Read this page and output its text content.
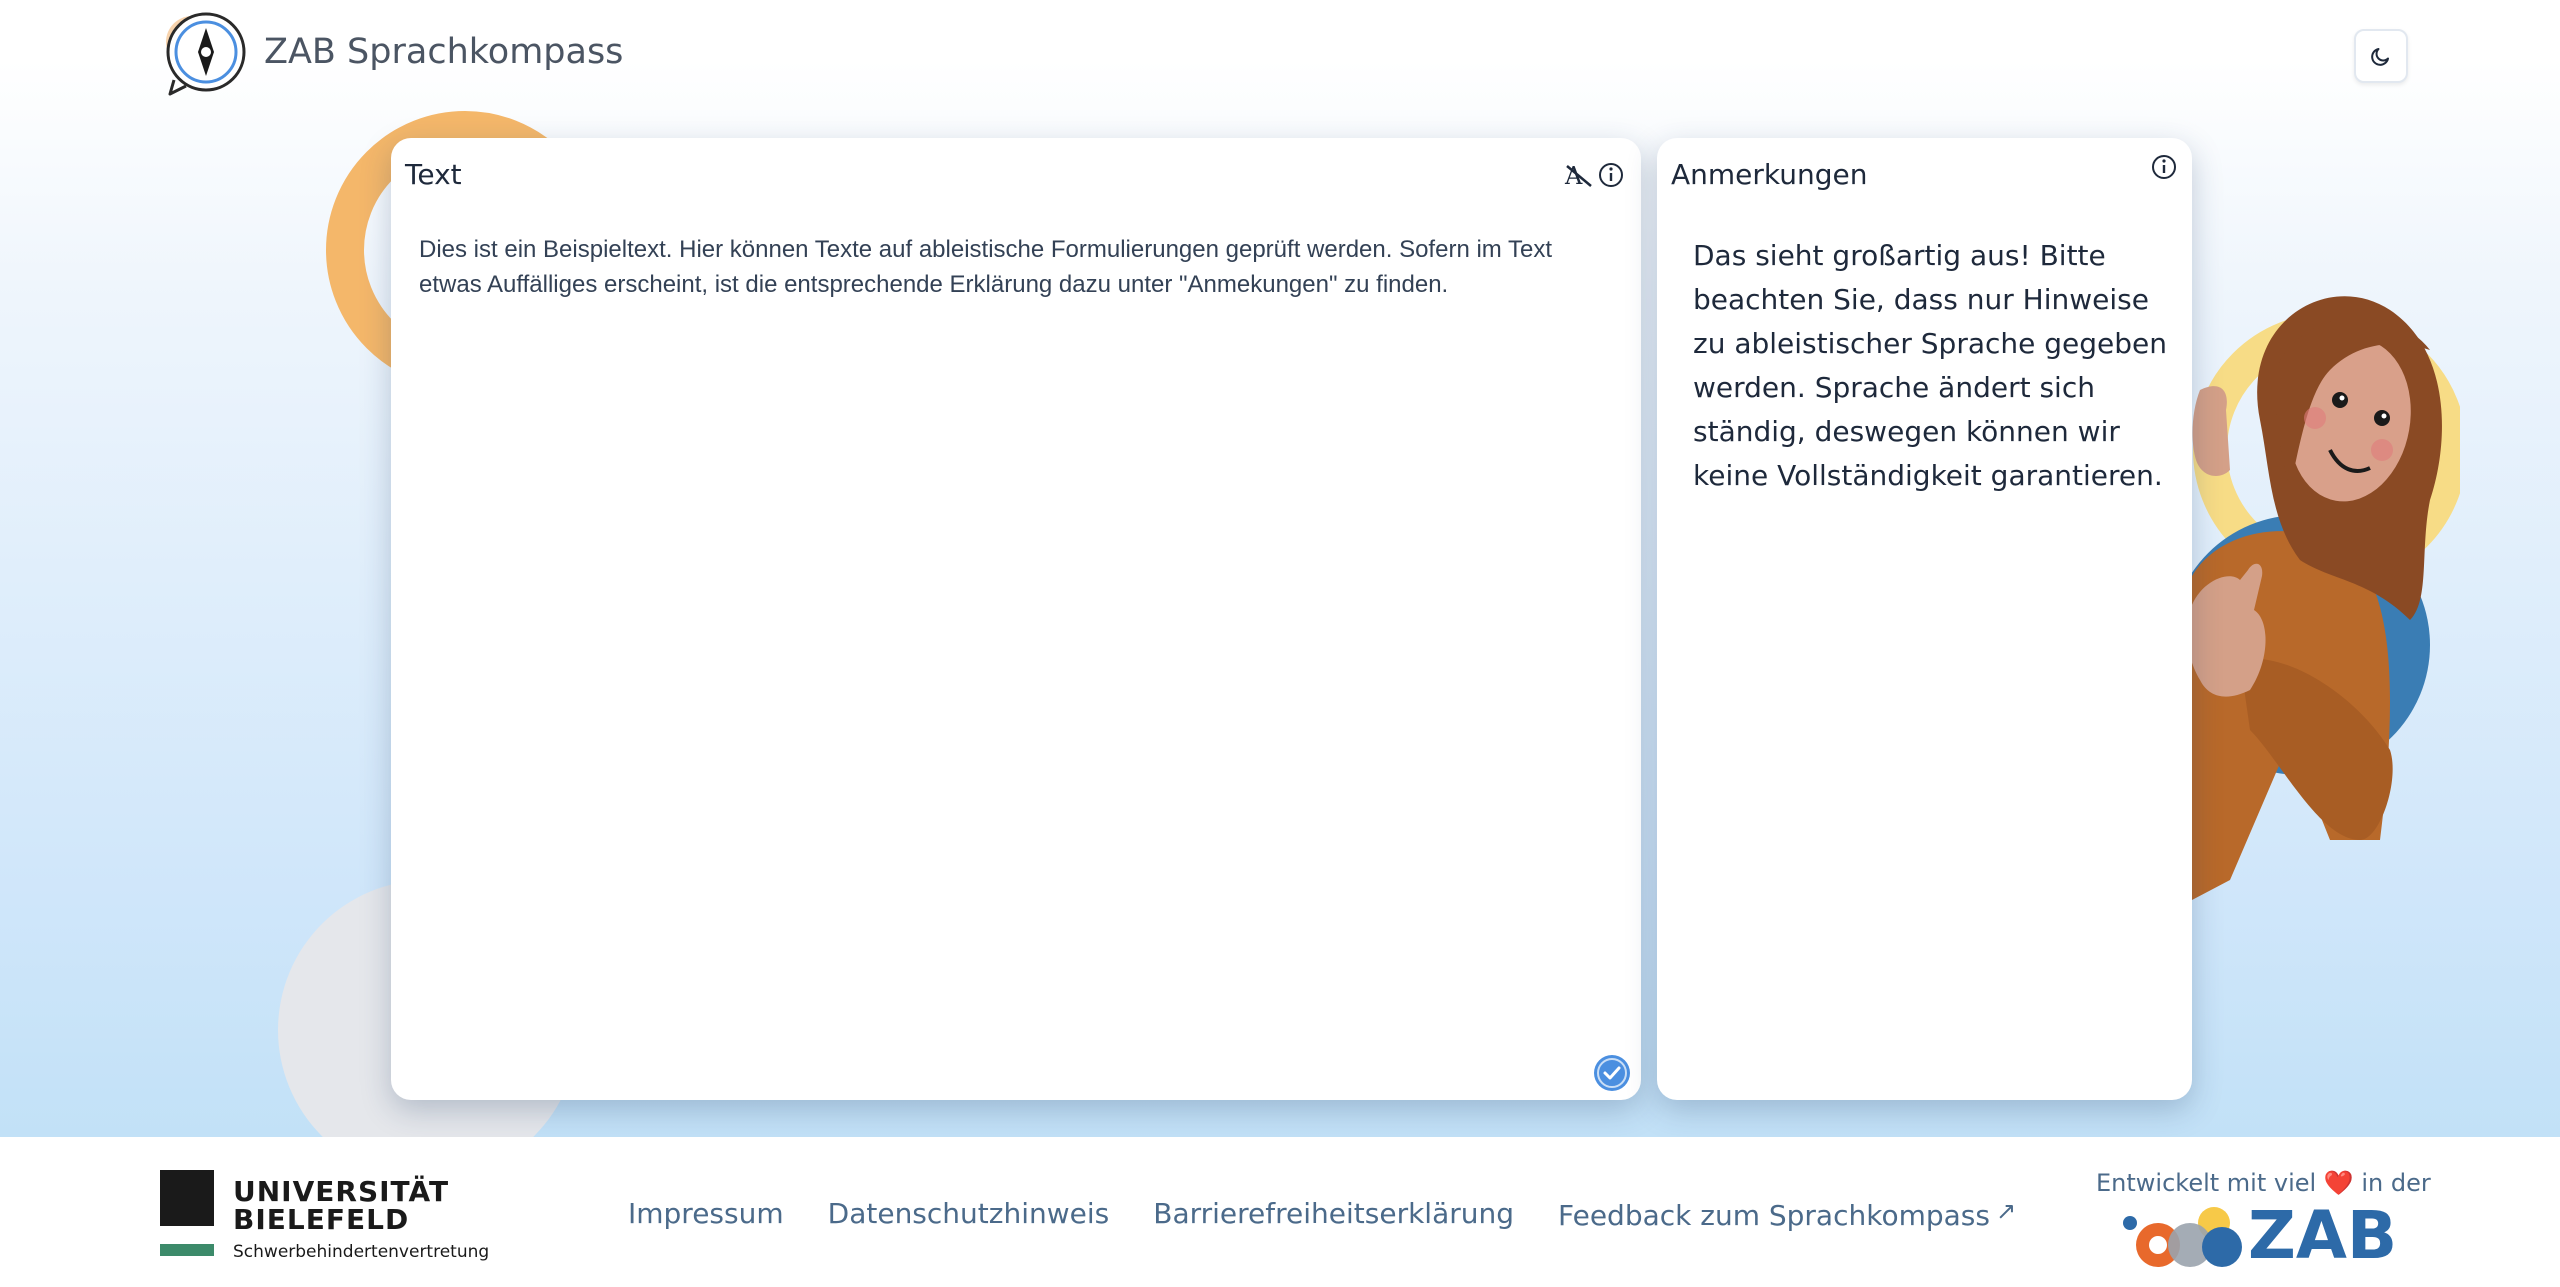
ZAB Sprachkompass
Text	A
Dies ist ein Beispieltext. Hier können Texte auf ableistische Formulierungen geprüft werden. Sofern im Text etwas Auffälliges erscheint, ist die entsprechende Erklärung dazu unter "Anmekungen" zu finden.
Anmerkungen
Das sieht großartig aus! Bitte beachten Sie, dass nur Hinweise zu ableistischer Sprache gegeben werden. Sprache ändert sich ständig, deswegen können wir keine Vollständigkeit garantieren.
UNIVERSITÄT
BIELEFELD
Schwerbehindertenvertretung
Impressum Datenschutzhinweis Barrierefreiheitserklärung Feedback zum Sprachkompass ↗
Entwickelt mit viel ❤️ in der
ZAB
